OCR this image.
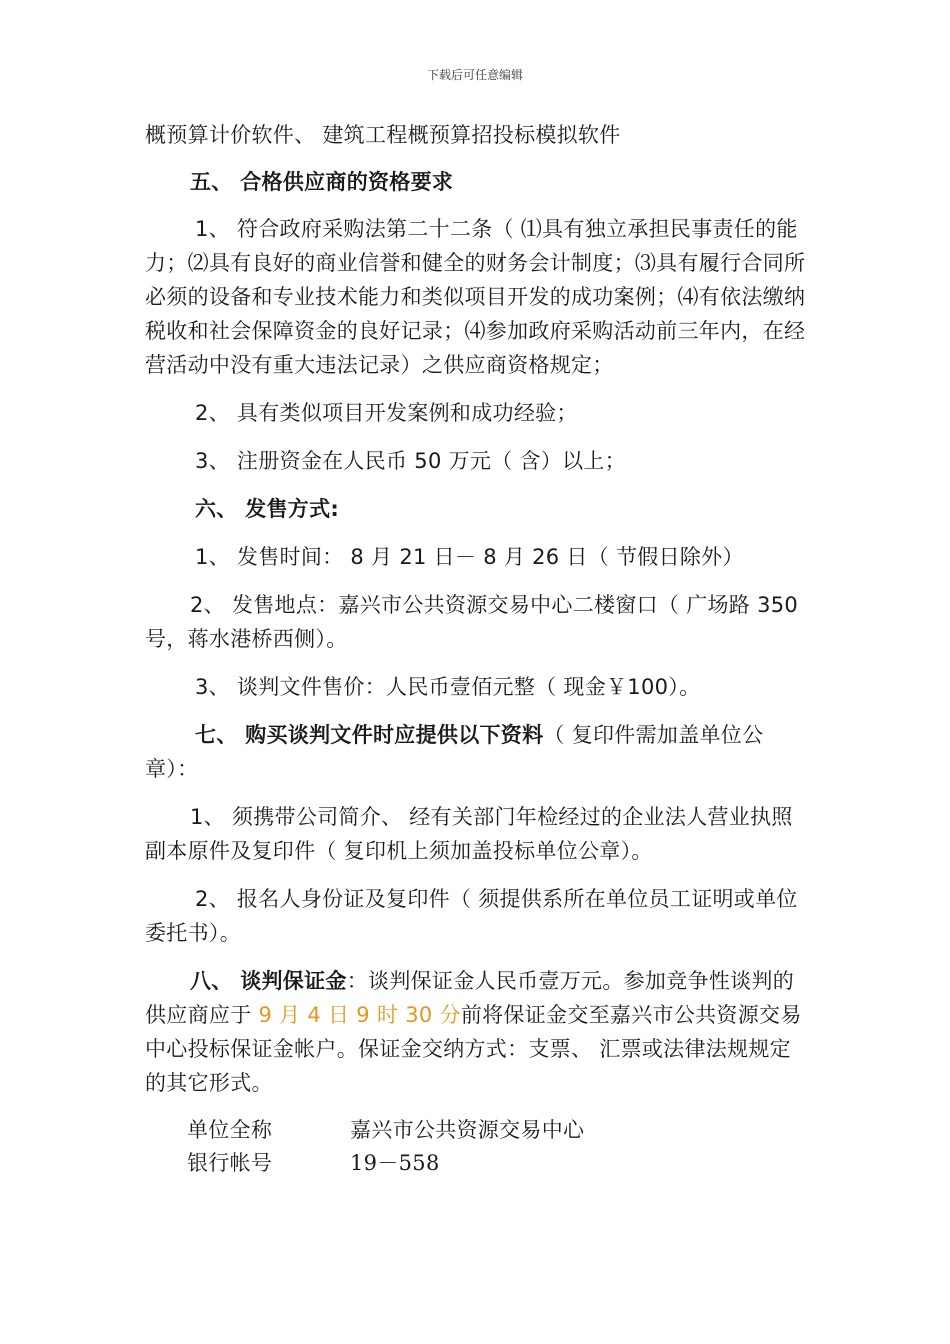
下载后可任意编辑

概预算计价软件、 建筑工程概预算招投标模拟软件

五、 合格供应商的资格要求

1、 符合政府采购法第二十二条（ ⑴具有独立承担民事责任的能力；⑵具有良好的商业信誉和健全的财务会计制度；⑶具有履行合同所必须的设备和专业技术能力和类似项目开发的成功案例；⑷有依法缴纳税收和社会保障资金的良好记录；⑷参加政府采购活动前三年内，在经营活动中没有重大违法记录）之供应商资格规定；

2、 具有类似项目开发案例和成功经验；

3、 注册资金在人民币 50 万元（ 含）以上；

六、 发售方式:

1、 发售时间： 8 月 21 日－ 8 月 26 日（ 节假日除外）

2、 发售地点：嘉兴市公共资源交易中心二楼窗口（ 广场路 350 号，蒋水港桥西侧）。

3、 谈判文件售价：人民币壹佰元整（ 现金￥100）。

七、 购买谈判文件时应提供以下资料（ 复印件需加盖单位公章）：

1、 须携带公司简介、 经有关部门年检经过的企业法人营业执照副本原件及复印件（ 复印机上须加盖投标单位公章）。

2、 报名人身份证及复印件（ 须提供系所在单位员工证明或单位委托书）。

八、 谈判保证金：谈判保证金人民币壹万元。参加竞争性谈判的供应商应于 9 月 4 日 9 时 30 分前将保证金交至嘉兴市公共资源交易中心投标保证金帐户。保证金交纳方式：支票、 汇票或法律法规规定的其它形式。

单位全称	嘉兴市公共资源交易中心
银行帐号	19－558
